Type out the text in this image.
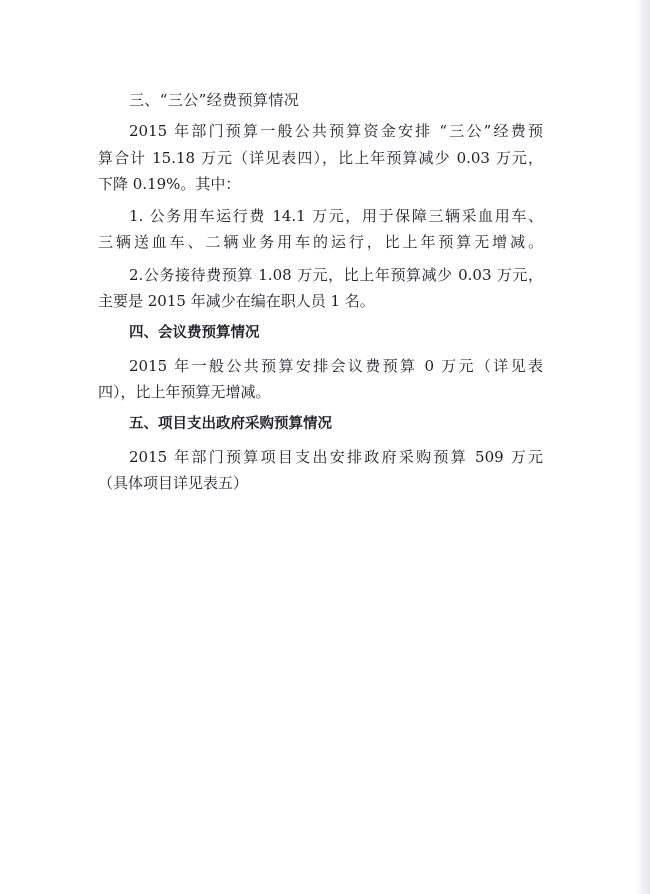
三、“三公”经费预算情况

2015 年部门预算一般公共预算资金安排 “三公”经费预

算合计 15.18 万元（详见表四），比上年预算减少 0.03 万元，

下降 0.19%。其中：

1. 公务用车运行费 14.1 万元，用于保障三辆采血用车、

三辆送血车、二辆业务用车的运行，比上年预算无增减。

2.公务接待费预算 1.08 万元，比上年预算减少 0.03 万元，

主要是 2015 年减少在编在职人员 1 名。

四、会议费预算情况

2015 年一般公共预算安排会议费预算 0 万元（详见表

四），比上年预算无增减。

五、项目支出政府采购预算情况

2015 年部门预算项目支出安排政府采购预算 509 万元

（具体项目详见表五）
